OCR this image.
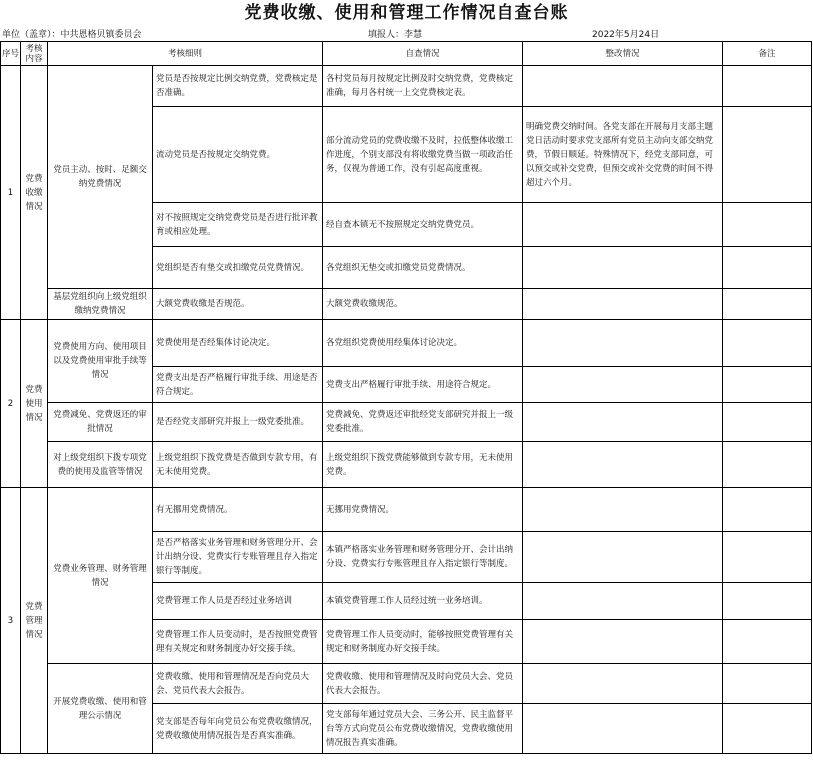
党费收缴、使用和管理工作情况自查台账
单位（盖章）：中共恩格贝镇委员会	填报人：李慧	2022年5月24日
序号	考核内容	考核细则		自查情况	整改情况	备注
1	党费收缴情况	党员主动、按时、足额交纳党费情况	党员是否按规定比例交纳党费，党费核定是否准确。	各村党员每月按规定比例及时交纳党费，党费核定准确，每月各村统一上交党费核定表。		
			流动党员是否按规定交纳党费。	部分流动党员的党费收缴不及时，拉低整体收缴工作进度，个别支部没有将收缴党费当做一项政治任务，仅视为普通工作，没有引起高度重视。	明确党费交纳时间。各党支部在开展每月支部主题党日活动时要求党支部所有党员主动向支部交纳党费，节假日顺延。特殊情况下，经党支部同意，可以预交或补交党费，但预交或补交党费的时间不得超过六个月。	
			对不按照规定交纳党费党员是否进行批评教育或相应处理。	经自查本镇无不按照规定交纳党费党员。		
			党组织是否有垫交或扣缴党员党费情况。	各党组织无垫交或扣缴党员党费情况。		
		基层党组织向上级党组织缴纳党费情况	大额党费收缴是否规范。	大额党费收缴规范。		
2	党费使用情况	党费使用方向、使用项目以及党费使用审批手续等情况	党费使用是否经集体讨论决定。	各党组织党费使用经集体讨论决定。		
			党费支出是否严格履行审批手续、用途是否符合规定。	党费支出严格履行审批手续、用途符合规定。		
		党费减免、党费返还的审批情况	是否经党支部研究并报上一级党委批准。	党费减免、党费返还审批经党支部研究并报上一级党委批准。		
		对上级党组织下拨专项党费的使用及监管等情况	上级党组织下拨党费是否做到专款专用，有无未使用党费。	上级党组织下拨党费能够做到专款专用，无未使用党费。		
3	党费管理情况	党费业务管理、财务管理情况	有无挪用党费情况。	无挪用党费情况。		
			是否严格落实业务管理和财务管理分开、会计出纳分设、党费实行专账管理且存入指定银行等制度。	本镇严格落实业务管理和财务管理分开、会计出纳分设、党费实行专账管理且存入指定银行等制度。		
			党费管理工作人员是否经过业务培训	本镇党费管理工作人员经过统一业务培训。		
			党费管理工作人员变动时，是否按照党费管理有关规定和财务制度办好交接手续。	党费管理工作人员变动时，能够按照党费管理有关规定和财务制度办好交接手续。		
		开展党费收缴、使用和管理公示情况	党费收缴、使用和管理情况是否向党员大会、党员代表大会报告。	党费收缴、使用和管理情况及时向党员大会、党员代表大会报告。		
			党支部是否每年向党员公布党费收缴情况，党费收缴使用情况报告是否真实准确。	党支部每年通过党员大会、三务公开、民主监督平台等方式向党员公布党费收缴情况，党费收缴使用情况报告真实准确。		
